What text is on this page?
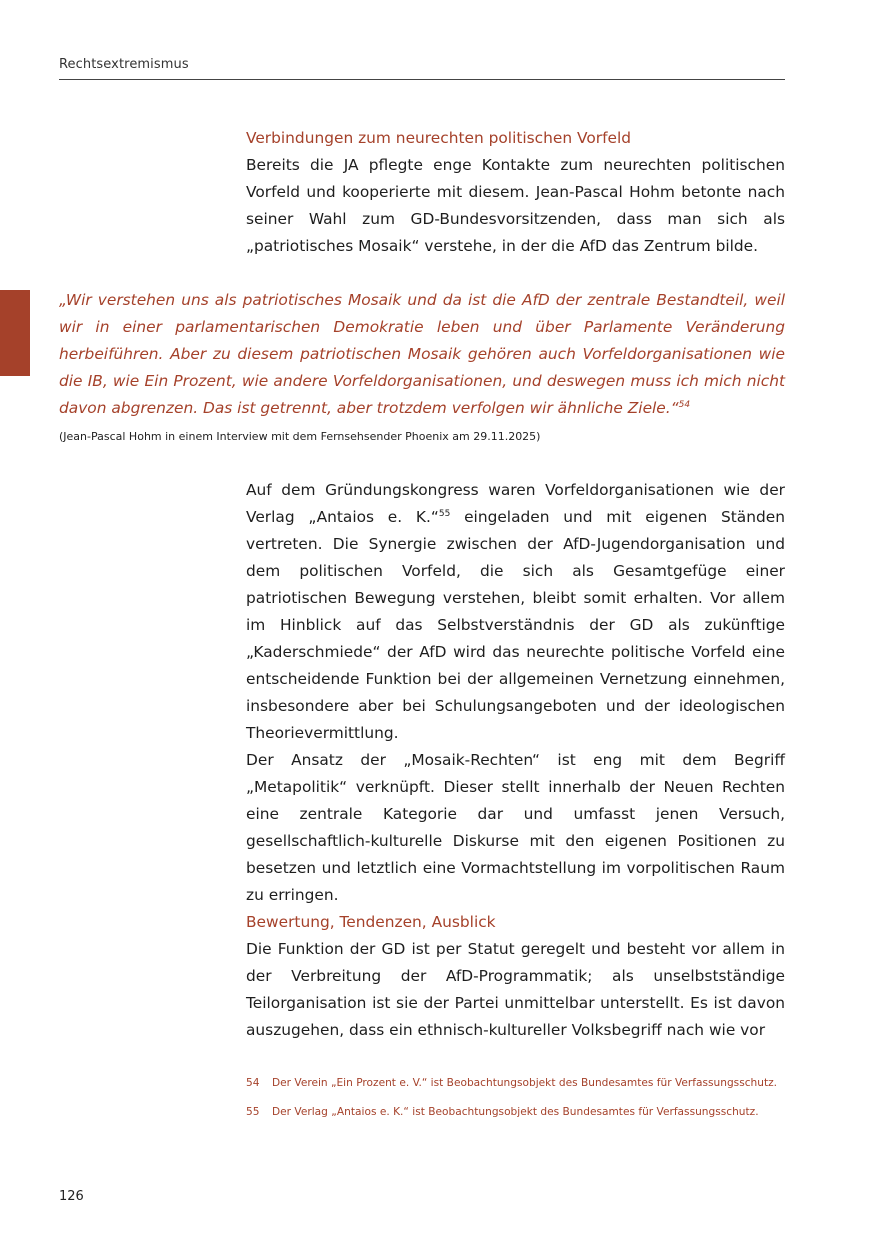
Rechtsextremismus
Verbindungen zum neurechten politischen Vorfeld

Bereits die JA pflegte enge Kontakte zum neurechten politischen Vorfeld und kooperierte mit diesem. Jean-Pascal Hohm betonte nach seiner Wahl zum GD-Bundesvorsitzenden, dass man sich als „patriotisches Mosaik“ verstehe, in der die AfD das Zentrum bilde.

„Wir verstehen uns als patriotisches Mosaik und da ist die AfD der zentrale Bestandteil, weil wir in einer parlamentarischen Demokratie leben und über Parlamente Veränderung herbeiführen. Aber zu diesem patriotischen Mosaik gehören auch Vorfeldorganisationen wie die IB, wie Ein Prozent, wie andere Vorfeldorganisationen, und deswegen muss ich mich nicht davon abgrenzen. Das ist getrennt, aber trotzdem verfolgen wir ähnliche Ziele.“$^{54}$
(Jean-Pascal Hohm in einem Interview mit dem Fernsehsender Phoenix am 29.11.2025)

Auf dem Gründungskongress waren Vorfeldorganisationen wie der Verlag „Antaios e. K.“$^{55}$ eingeladen und mit eigenen Ständen vertreten. Die Synergie zwischen der AfD-Jugendorganisation und dem politischen Vorfeld, die sich als Gesamtgefüge einer patriotischen Bewegung verstehen, bleibt somit erhalten. Vor allem im Hinblick auf das Selbstverständnis der GD als zukünftige „Kaderschmiede“ der AfD wird das neurechte politische Vorfeld eine entscheidende Funktion bei der allgemeinen Vernetzung einnehmen, insbesondere aber bei Schulungsangeboten und der ideologischen Theorievermittlung.

Der Ansatz der „Mosaik-Rechten“ ist eng mit dem Begriff „Metapolitik“ verknüpft. Dieser stellt innerhalb der Neuen Rechten eine zentrale Kategorie dar und umfasst jenen Versuch, gesellschaftlich-kulturelle Diskurse mit den eigenen Positionen zu besetzen und letztlich eine Vormachtstellung im vorpolitischen Raum zu erringen.

Bewertung, Tendenzen, Ausblick

Die Funktion der GD ist per Statut geregelt und besteht vor allem in der Verbreitung der AfD-Programmatik; als unselbstständige Teilorganisation ist sie der Partei unmittelbar unterstellt. Es ist davon auszugehen, dass ein ethnisch-kultureller Volksbegriff nach wie vor

54	Der Verein „Ein Prozent e. V.“ ist Beobachtungsobjekt des Bundesamtes für Verfassungsschutz.
55	Der Verlag „Antaios e. K.“ ist Beobachtungsobjekt des Bundesamtes für Verfassungsschutz.
126
